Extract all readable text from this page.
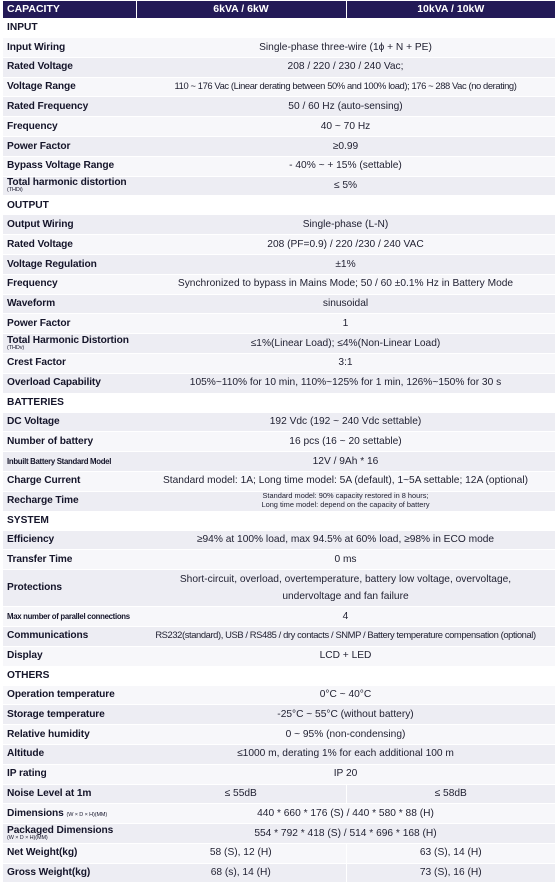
CAPACITY	6kVA / 6kW	10kVA / 10kW
INPUT		
Input Wiring	Single-phase three-wire (1ϕ + N + PE)	
Rated Voltage	208 / 220 / 230 / 240 Vac;	
Voltage Range	110 ~ 176 Vac (Linear derating between 50% and 100% load); 176 ~ 288 Vac (no derating)	
Rated Frequency	50 / 60 Hz (auto-sensing)	
Frequency	40 ~ 70 Hz	
Power Factor	≥0.99	
Bypass Voltage Range	- 40% ~ + 15% (settable)	

Total harmonic distortion
(THDi)	≤ 5%	
OUTPUT		
Output Wiring	Single-phase (L-N)	
Rated Voltage	208 (PF=0.9) / 220 /230 / 240 VAC	
Voltage Regulation	±1%	
Frequency	Synchronized to bypass in Mains Mode; 50 / 60 ±0.1% Hz in Battery Mode	
Waveform	sinusoidal	
Power Factor	1	

Total Harmonic Distortion
(THDv)	≤1%(Linear Load); ≤4%(Non-Linear Load)	
Crest Factor	3:1	
Overload Capability	105%~110% for 10 min, 110%~125% for 1 min, 126%~150% for 30 s	
BATTERIES		
DC Voltage	192 Vdc (192 ~ 240 Vdc settable)	
Number of battery	16 pcs (16 ~ 20 settable)	
Inbuilt Battery Standard Model	12V / 9Ah * 16	
Charge Current	Standard model: 1A; Long time model: 5A (default), 1~5A settable; 12A (optional)	
Recharge Time	Standard model: 90% capacity restored in 8 hours;
Long time model: depend on the capacity of battery	

SYSTEM		
Efficiency	≥94% at 100% load, max 94.5% at 60% load, ≥98% in ECO mode	
Transfer Time	0 ms	
Protections	Short-circuit, overload, overtemperature, battery low voltage, overvoltage,
undervoltage and fan failure	

Max number of parallel connections	4	
Communications	RS232(standard), USB / RS485 / dry contacts / SNMP / Battery temperature compensation (optional)	
Display	LCD + LED	
OTHERS		
Operation temperature	0°C ~ 40°C	
Storage temperature	-25°C ~ 55°C (without battery)	
Relative humidity	0 ~ 95% (non-condensing)	
Altitude	≤1000 m, derating 1% for each additional 100 m	
IP rating	IP 20	
Noise Level at 1m	≤ 55dB	≤ 58dB
Dimensions (W × D × H)(MM)	440 * 660 * 176 (S) / 440 * 580 * 88 (H)	

Packaged Dimensions
(W × D × H)(MM)	554 * 792 * 418 (S) / 514 * 696 * 168 (H)	
Net Weight(kg)	58 (S), 12 (H)	63 (S), 14 (H)
Gross Weight(kg)	68 (s), 14 (H)	73 (S), 16 (H)
